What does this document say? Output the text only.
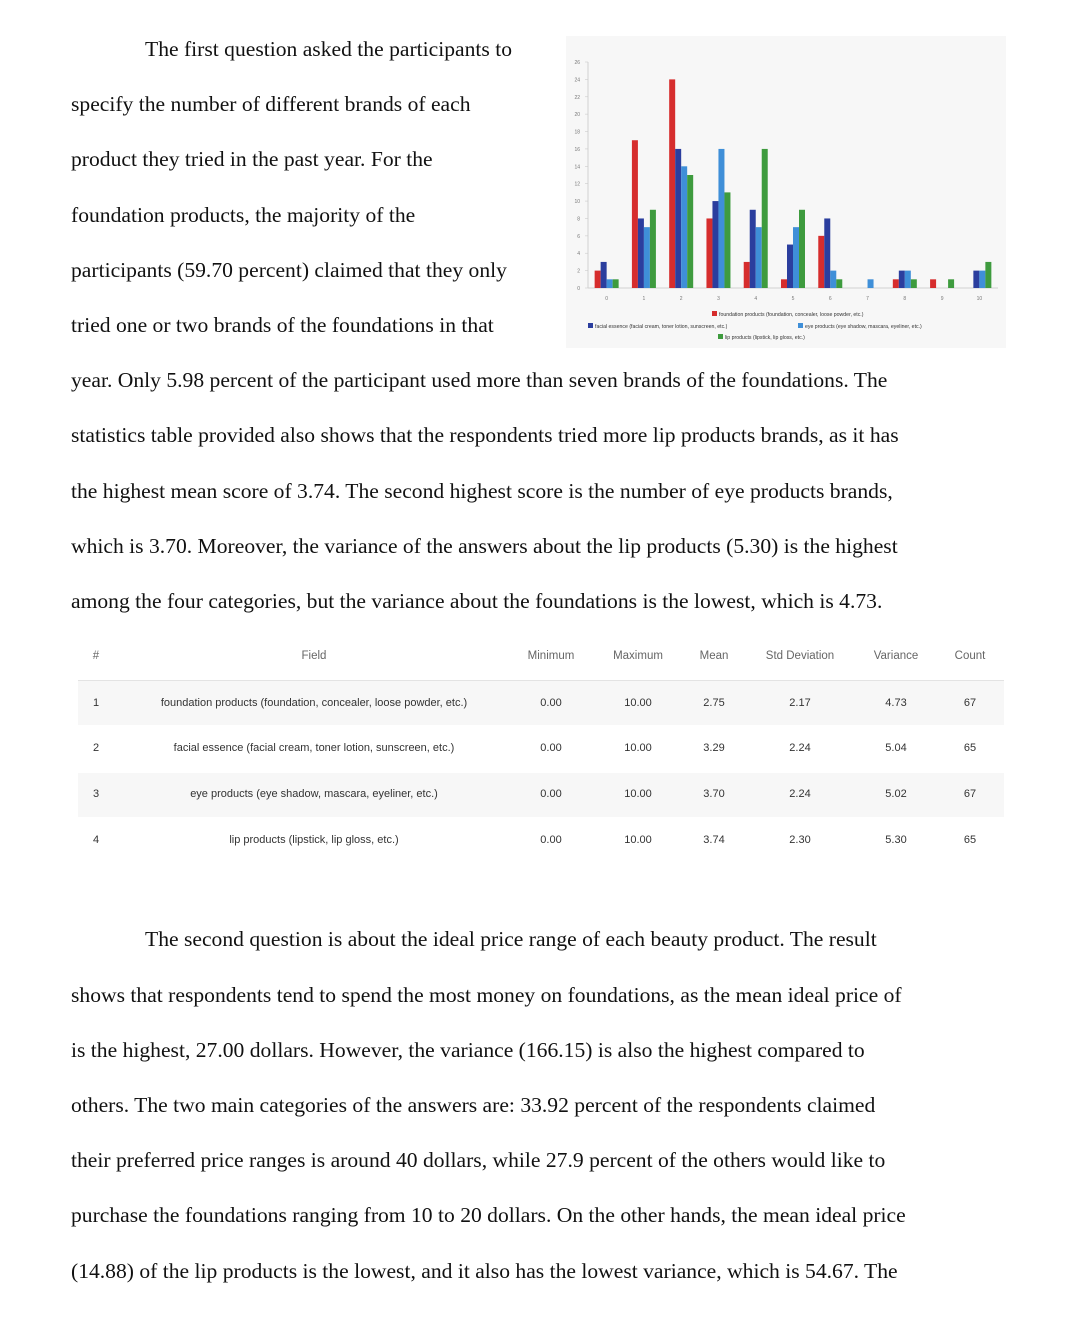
The first question asked the participants to
specify the number of different brands of each
product they tried in the past year. For the
foundation products, the majority of the
participants (59.70 percent) claimed that they only
tried one or two brands of the foundations in that
year. Only 5.98 percent of the participant used more than seven brands of the foundations. The
statistics table provided also shows that the respondents tried more lip products brands, as it has
the highest mean score of 3.74. The second highest score is the number of eye products brands,
which is 3.70. Moreover, the variance of the answers about the lip products (5.30) is the highest
among the four categories, but the variance about the foundations is the lowest, which is 4.73.
0
2
4
6
8
10
12
14
16
18
20
22
24
26
0	1	2	3	4	5	6	7	8	9	10
foundation products (foundation, concealer, loose powder, etc.)
facial essence (facial cream, toner lotion, sunscreen, etc.)	eye products (eye shadow, mascara, eyeliner, etc.)
lip products (lipstick, lip gloss, etc.)
#	Field	Minimum	Maximum	Mean	Std Deviation	Variance	Count
1	foundation products (foundation, concealer, loose powder, etc.)	0.00	10.00	2.75	2.17	4.73	67
2	facial essence (facial cream, toner lotion, sunscreen, etc.)	0.00	10.00	3.29	2.24	5.04	65
3	eye products (eye shadow, mascara, eyeliner, etc.)	0.00	10.00	3.70	2.24	5.02	67
4	lip products (lipstick, lip gloss, etc.)	0.00	10.00	3.74	2.30	5.30	65
The second question is about the ideal price range of each beauty product. The result
shows that respondents tend to spend the most money on foundations, as the mean ideal price of
is the highest, 27.00 dollars. However, the variance (166.15) is also the highest compared to
others. The two main categories of the answers are: 33.92 percent of the respondents claimed
their preferred price ranges is around 40 dollars, while 27.9 percent of the others would like to
purchase the foundations ranging from 10 to 20 dollars. On the other hands, the mean ideal price
(14.88) of the lip products is the lowest, and it also has the lowest variance, which is 54.67. The
